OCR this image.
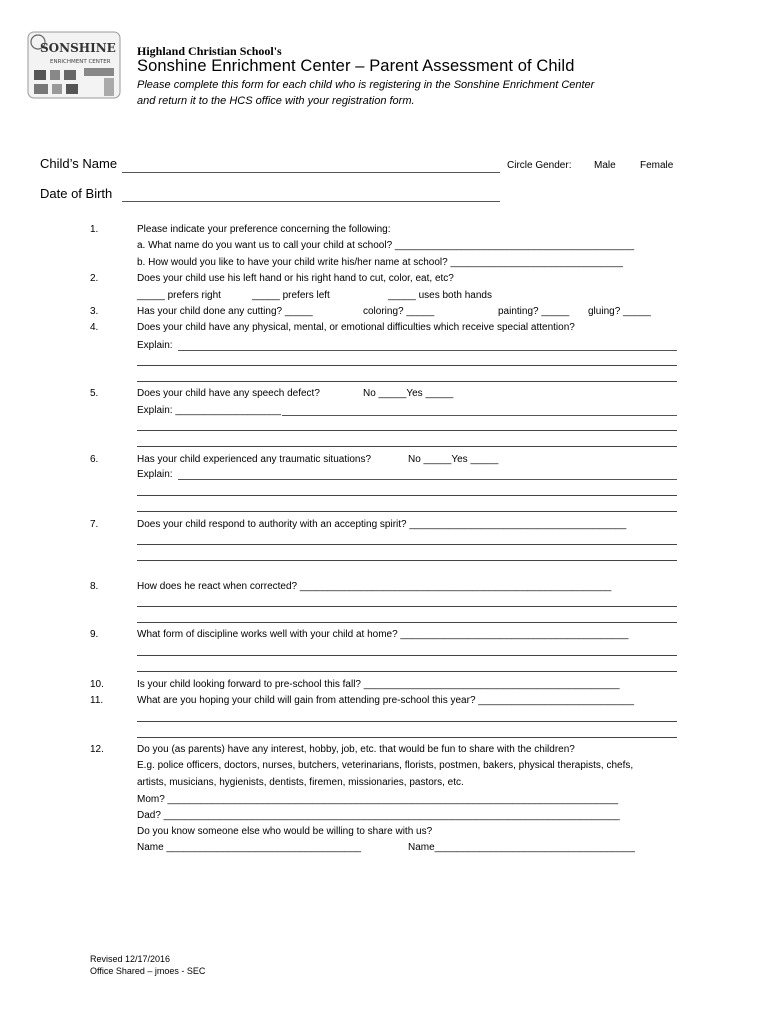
SONSHINE
ENRICHMENT CENTER
Highland Christian School's
Sonshine Enrichment Center – Parent Assessment of Child
Please complete this form for each child who is registering in the Sonshine Enrichment Center
and return it to the HCS office with your registration form.
Child’s Name	Circle Gender: Male Female
Date of Birth
1.	Please indicate your preference concerning the following:
a. What name do you want us to call your child at school? ___________________________________________
b. How would you like to have your child write his/her name at school? _______________________________
2.	Does your child use his left hand or his right hand to cut, color, eat, etc?
_____ prefers right	_____ prefers left	_____ uses both hands
3.	Has your child done any cutting? _____	coloring? _____	painting? _____ gluing? _____
4.	Does your child have any physical, mental, or emotional difficulties which receive special attention?
Explain:
5.	Does your child have any speech defect?	No _____Yes _____
Explain: ___________________
6.	Has your child experienced any traumatic situations?	No _____Yes _____
Explain:
7.	Does your child respond to authority with an accepting spirit? _______________________________________
8.	How does he react when corrected? ________________________________________________________
9.	What form of discipline works well with your child at home? _________________________________________
10.	Is your child looking forward to pre-school this fall? ______________________________________________
11.	What are you hoping your child will gain from attending pre-school this year? ____________________________
12.	Do you (as parents) have any interest, hobby, job, etc. that would be fun to share with the children?
E.g. police officers, doctors, nurses, butchers, veterinarians, florists, postmen, bakers, physical therapists, chefs,
artists, musicians, hygienists, dentists, firemen, missionaries, pastors, etc.
Mom? _________________________________________________________________________________
Dad? __________________________________________________________________________________
Do you know someone else who would be willing to share with us?
Name ___________________________________	Name____________________________________
Revised 12/17/2016
Office Shared – jmoes - SEC
